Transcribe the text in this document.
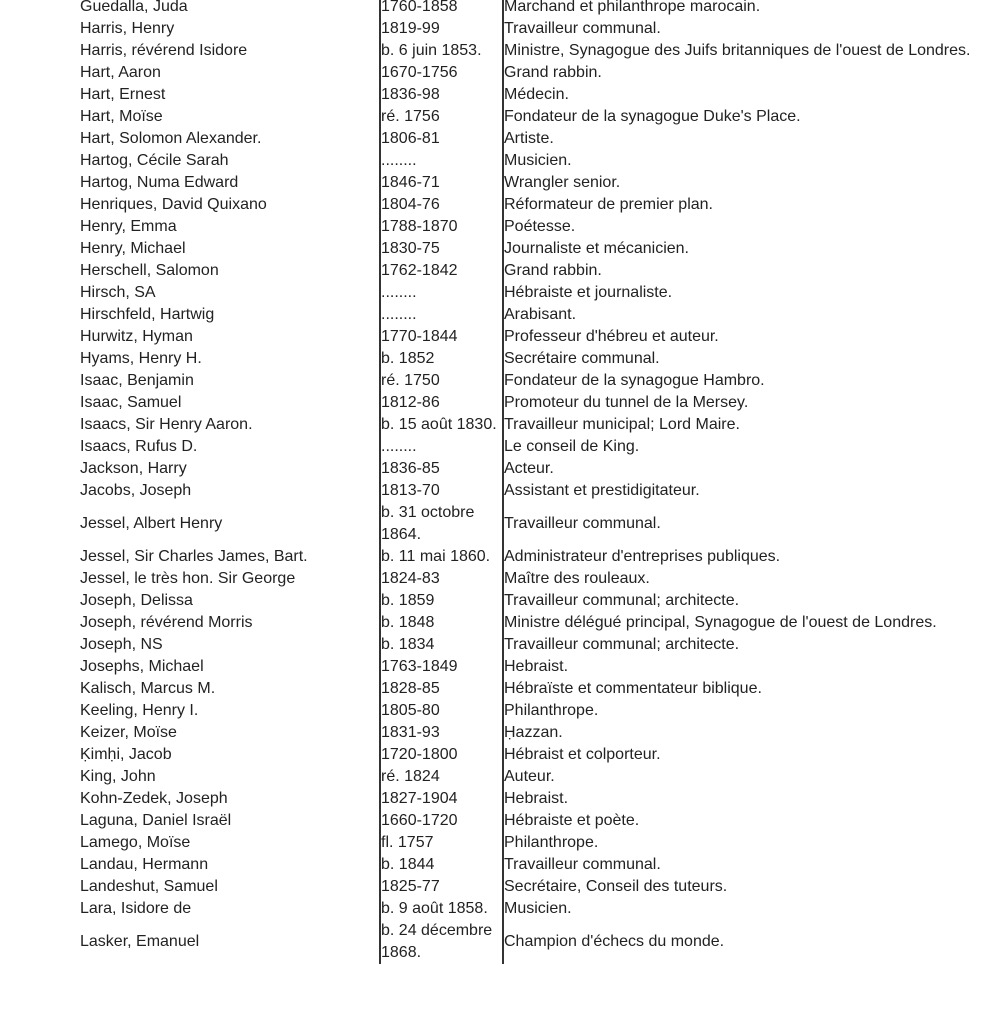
Guedalla, Juda	1760-1858	Marchand et philanthrope marocain.
Harris, Henry	1819-99	Travailleur communal.
Harris, révérend Isidore	b. 6 juin 1853.	Ministre, Synagogue des Juifs britanniques de l'ouest de Londres.
Hart, Aaron	1670-1756	Grand rabbin.
Hart, Ernest	1836-98	Médecin.
Hart, Moïse	ré. 1756	Fondateur de la synagogue Duke's Place.
Hart, Solomon Alexander.	1806-81	Artiste.
Hartog, Cécile Sarah	........	Musicien.
Hartog, Numa Edward	1846-71	Wrangler senior.
Henriques, David Quixano	1804-76	Réformateur de premier plan.
Henry, Emma	1788-1870	Poétesse.
Henry, Michael	1830-75	Journaliste et mécanicien.
Herschell, Salomon	1762-1842	Grand rabbin.
Hirsch, SA	........	Hébraiste et journaliste.
Hirschfeld, Hartwig	........	Arabisant.
Hurwitz, Hyman	1770-1844	Professeur d'hébreu et auteur.
Hyams, Henry H.	b. 1852	Secrétaire communal.
Isaac, Benjamin	ré. 1750	Fondateur de la synagogue Hambro.
Isaac, Samuel	1812-86	Promoteur du tunnel de la Mersey.
Isaacs, Sir Henry Aaron.	b. 15 août 1830.	Travailleur municipal; Lord Maire.
Isaacs, Rufus D.	........	Le conseil de King.
Jackson, Harry	1836-85	Acteur.
Jacobs, Joseph	1813-70	Assistant et prestidigitateur.
Jessel, Albert Henry	b. 31 octobre 1864.	Travailleur communal.
Jessel, Sir Charles James, Bart.	b. 11 mai 1860.	Administrateur d'entreprises publiques.
Jessel, le très hon. Sir George	1824-83	Maître des rouleaux.
Joseph, Delissa	b. 1859	Travailleur communal; architecte.
Joseph, révérend Morris	b. 1848	Ministre délégué principal, Synagogue de l'ouest de Londres.
Joseph, NS	b. 1834	Travailleur communal; architecte.
Josephs, Michael	1763-1849	Hebraist.
Kalisch, Marcus M.	1828-85	Hébraïste et commentateur biblique.
Keeling, Henry I.	1805-80	Philanthrope.
Keizer, Moïse	1831-93	Ḥazzan.
Ḳimḥi, Jacob	1720-1800	Hébraist et colporteur.
King, John	ré. 1824	Auteur.
Kohn-Zedek, Joseph	1827-1904	Hebraist.
Laguna, Daniel Israël	1660-1720	Hébraiste et poète.
Lamego, Moïse	fl. 1757	Philanthrope.
Landau, Hermann	b. 1844	Travailleur communal.
Landeshut, Samuel	1825-77	Secrétaire, Conseil des tuteurs.
Lara, Isidore de	b. 9 août 1858.	Musicien.
Lasker, Emanuel	b. 24 décembre 1868.	Champion d'échecs du monde.
